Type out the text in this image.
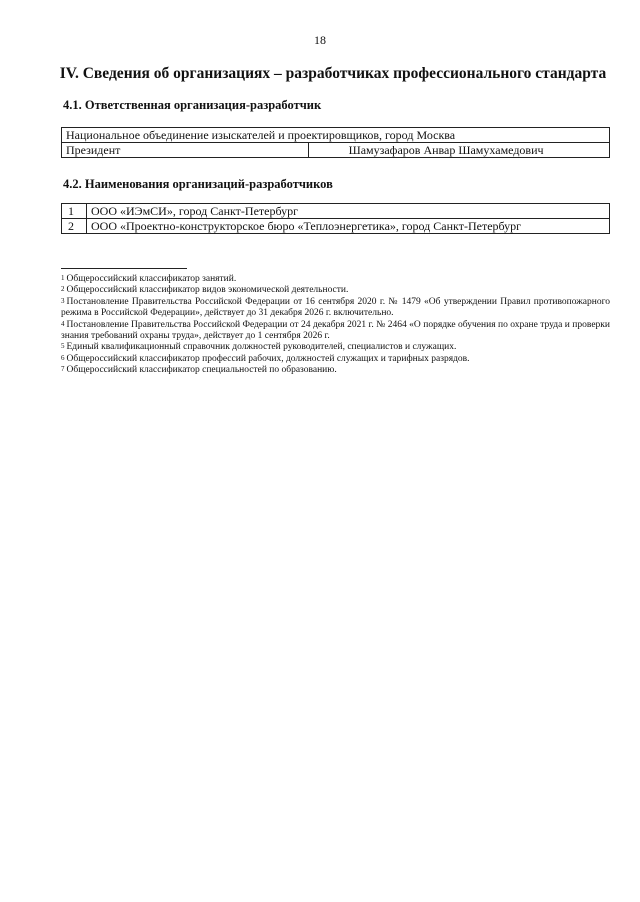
18
IV. Сведения об организациях – разработчиках профессионального стандарта
4.1. Ответственная организация-разработчик
Национальное объединение изыскателей и проектировщиков, город Москва
Президент	Шамузафаров Анвар Шамухамедович
4.2. Наименования организаций-разработчиков
1	ООО «ИЭмСИ», город Санкт-Петербург
2	ООО «Проектно-конструкторское бюро «Теплоэнергетика», город Санкт-Петербург

$^1$ Общероссийский классификатор занятий.

$^2$ Общероссийский классификатор видов экономической деятельности.

$^3$ Постановление Правительства Российской Федерации от 16 сентября 2020 г. № 1479 «Об утверждении Правил противопожарного режима в Российской Федерации», действует до 31 декабря 2026 г. включительно.

$^4$ Постановление Правительства Российской Федерации от 24 декабря 2021 г. № 2464 «О порядке обучения по охране труда и проверки знания требований охраны труда», действует до 1 сентября 2026 г.

$^5$ Единый квалификационный справочник должностей руководителей, специалистов и служащих.

$^6$ Общероссийский классификатор профессий рабочих, должностей служащих и тарифных разрядов.

$^7$ Общероссийский классификатор специальностей по образованию.
